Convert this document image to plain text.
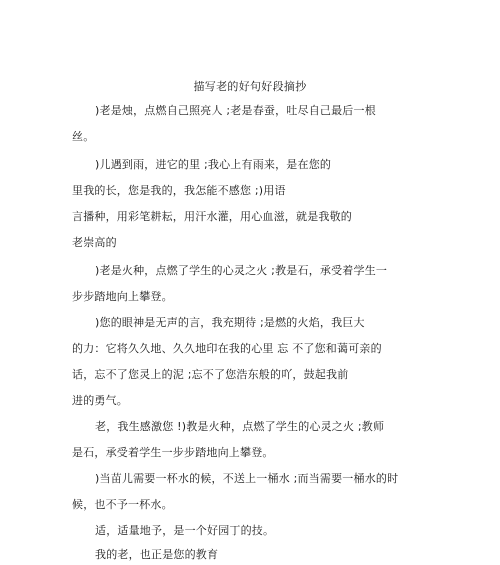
描写老的好句好段摘抄
)老是烛，点燃自己照亮人 ;老是春蚕，吐尽自己最后一根
丝。
)儿遇到雨，进它的里 ;我心上有雨来，是在您的
里我的长，您是我的，我怎能不感您 ;)用语
言播种，用彩笔耕耘，用汗水灌，用心血滋，就是我敬的
老崇高的
)老是火种，点燃了学生的心灵之火 ;教是石，承受着学生一
步步踏地向上攀登。
)您的眼神是无声的言，我充期待 ;是燃的火焰，我巨大
的力：它将久久地、久久地印在我的心里 忘 不了您和蔼可亲的
话，忘不了您灵上的泥 ;忘不了您浩东般的吖，鼓起我前
进的勇气。
老，我生感激您 !)教是火种，点燃了学生的心灵之火 ;教师
是石，承受着学生一步步踏地向上攀登。
)当苗儿需要一杯水的候，不送上一桶水 ;而当需要一桶水的时
候，也不予一杯水。
适，适量地予，是一个好园丁的技。
我的老，也正是您的教育
